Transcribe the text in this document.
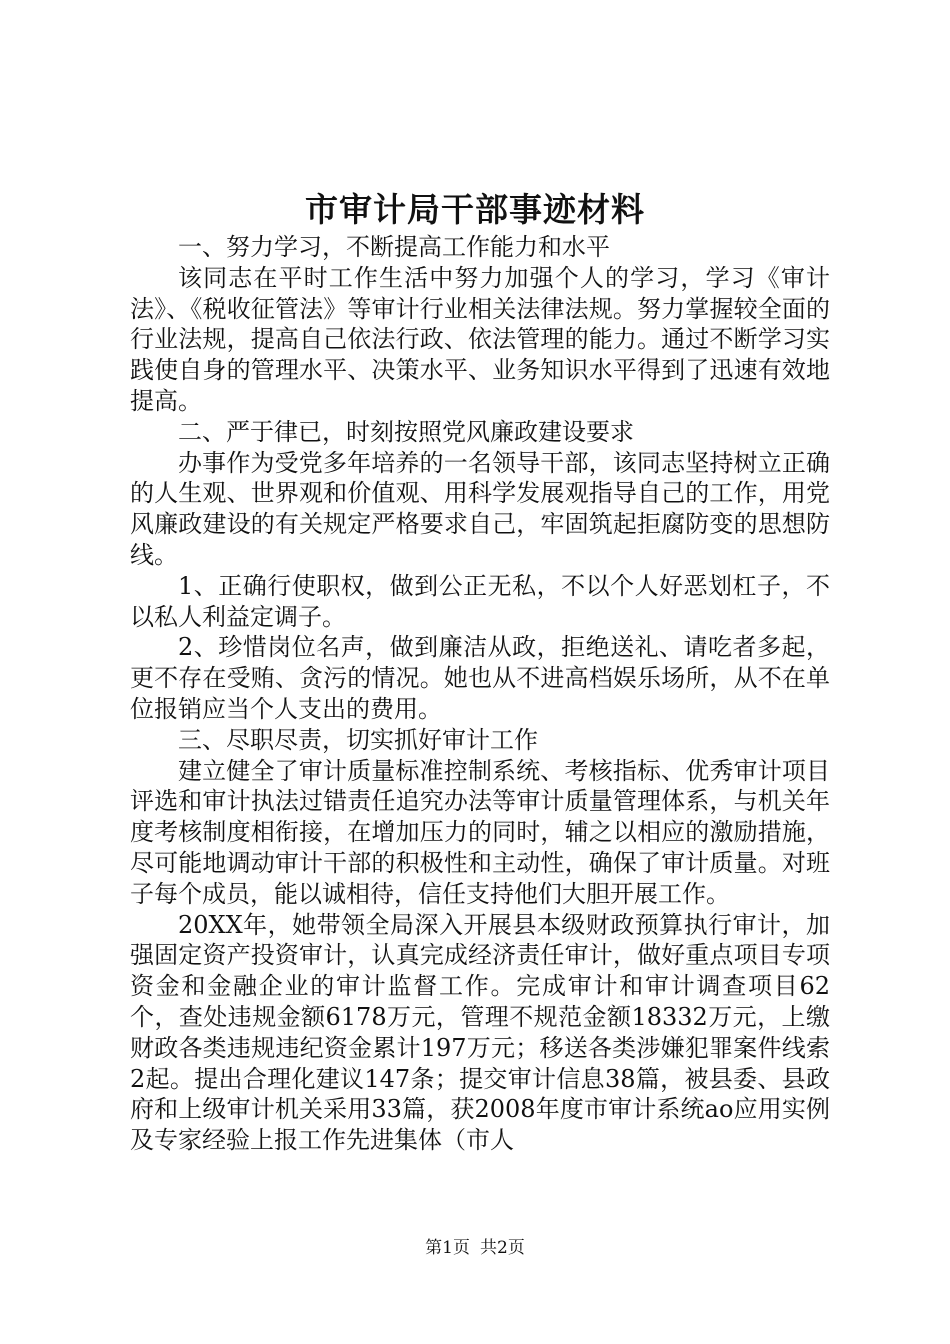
市审计局干部事迹材料

一、努力学习，不断提高工作能力和水平

该同志在平时工作生活中努力加强个人的学习，学习《审计法》、《税收征管法》等审计行业相关法律法规。努力掌握较全面的行业法规，提高自己依法行政、依法管理的能力。通过不断学习实践使自身的管理水平、决策水平、业务知识水平得到了迅速有效地提高。

二、严于律已，时刻按照党风廉政建设要求

办事作为受党多年培养的一名领导干部，该同志坚持树立正确的人生观、世界观和价值观、用科学发展观指导自己的工作，用党风廉政建设的有关规定严格要求自己，牢固筑起拒腐防变的思想防线。

1、正确行使职权，做到公正无私，不以个人好恶划杠子，不以私人利益定调子。

2、珍惜岗位名声，做到廉洁从政，拒绝送礼、请吃者多起，更不存在受贿、贪污的情况。她也从不进高档娱乐场所，从不在单位报销应当个人支出的费用。

三、尽职尽责，切实抓好审计工作

建立健全了审计质量标准控制系统、考核指标、优秀审计项目评选和审计执法过错责任追究办法等审计质量管理体系，与机关年度考核制度相衔接，在增加压力的同时，辅之以相应的激励措施，尽可能地调动审计干部的积极性和主动性，确保了审计质量。对班子每个成员，能以诚相待，信任支持他们大胆开展工作。

20XX年，她带领全局深入开展县本级财政预算执行审计，加强固定资产投资审计，认真完成经济责任审计，做好重点项目专项资金和金融企业的审计监督工作。完成审计和审计调查项目62个，查处违规金额6178万元，管理不规范金额18332万元，上缴财政各类违规违纪资金累计197万元；移送各类涉嫌犯罪案件线索2起。提出合理化建议147条；提交审计信息38篇，被县委、县政府和上级审计机关采用33篇，获2008年度市审计系统ao应用实例及专家经验上报工作先进集体（市人

第1页 共2页
